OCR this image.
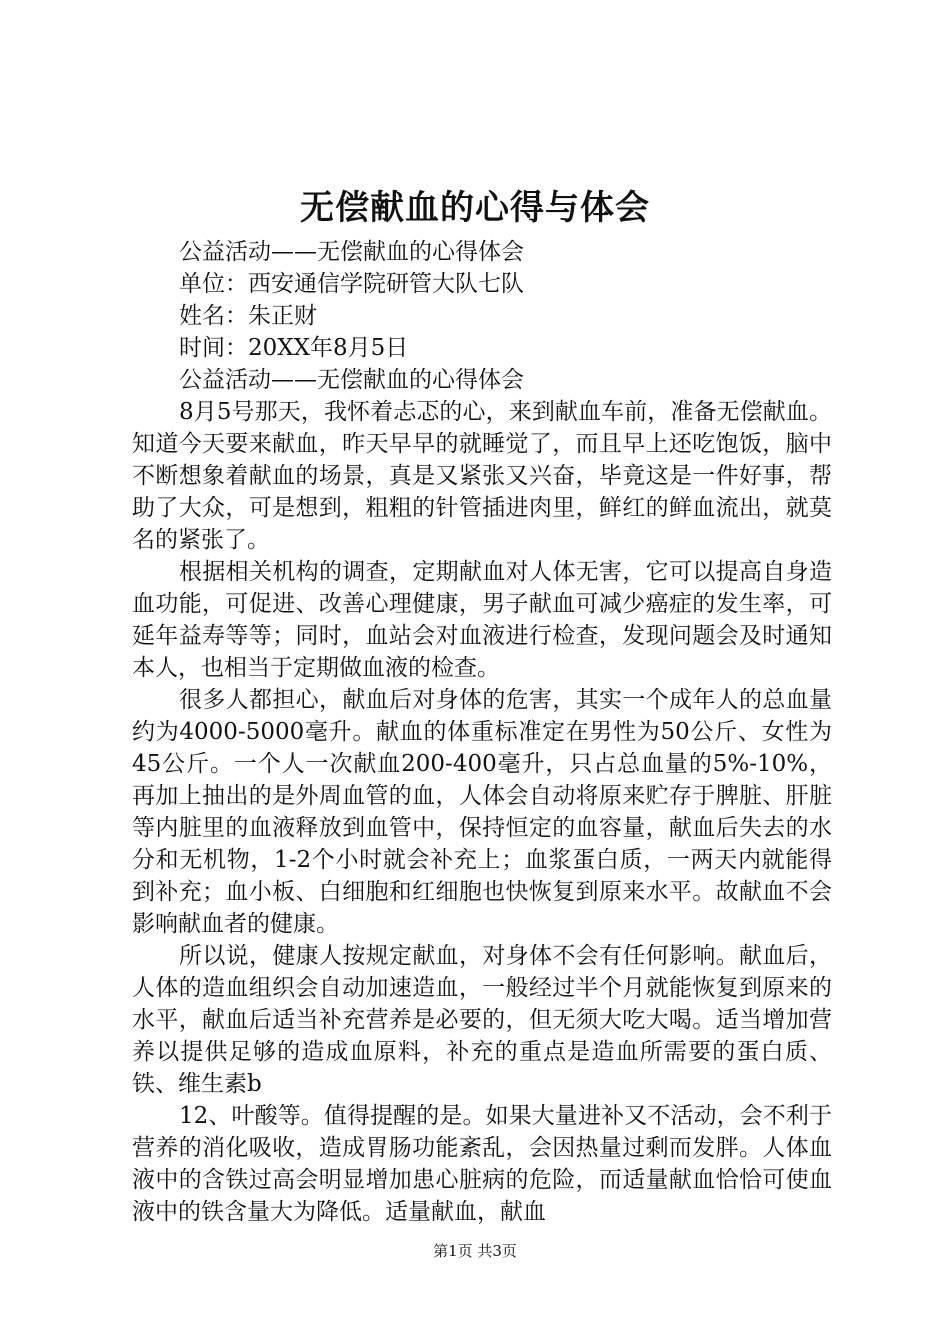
无偿献血的心得与体会

公益活动——无偿献血的心得体会

单位：西安通信学院研管大队七队

姓名：朱正财

时间：20XX年8月5日

公益活动——无偿献血的心得体会

8月5号那天，我怀着忐忑的心，来到献血车前，准备无偿献血。知道今天要来献血，昨天早早的就睡觉了，而且早上还吃饱饭，脑中不断想象着献血的场景，真是又紧张又兴奋，毕竟这是一件好事，帮助了大众，可是想到，粗粗的针管插进肉里，鲜红的鲜血流出，就莫名的紧张了。

根据相关机构的调查，定期献血对人体无害，它可以提高自身造血功能，可促进、改善心理健康，男子献血可减少癌症的发生率，可延年益寿等等；同时，血站会对血液进行检查，发现问题会及时通知本人，也相当于定期做血液的检查。

很多人都担心，献血后对身体的危害，其实一个成年人的总血量约为4000-5000毫升。献血的体重标准定在男性为50公斤、女性为45公斤。一个人一次献血200-400毫升，只占总血量的5%-10%，再加上抽出的是外周血管的血，人体会自动将原来贮存于脾脏、肝脏等内脏里的血液释放到血管中，保持恒定的血容量，献血后失去的水分和无机物，1-2个小时就会补充上；血浆蛋白质，一两天内就能得到补充；血小板、白细胞和红细胞也快恢复到原来水平。故献血不会影响献血者的健康。

所以说，健康人按规定献血，对身体不会有任何影响。献血后，人体的造血组织会自动加速造血，一般经过半个月就能恢复到原来的水平，献血后适当补充营养是必要的，但无须大吃大喝。适当增加营养以提供足够的造成血原料，补充的重点是造血所需要的蛋白质、铁、维生素b

12、叶酸等。值得提醒的是。如果大量进补又不活动，会不利于营养的消化吸收，造成胃肠功能紊乱，会因热量过剩而发胖。人体血液中的含铁过高会明显增加患心脏病的危险，而适量献血恰恰可使血液中的铁含量大为降低。适量献血，献血

第1页 共3页
